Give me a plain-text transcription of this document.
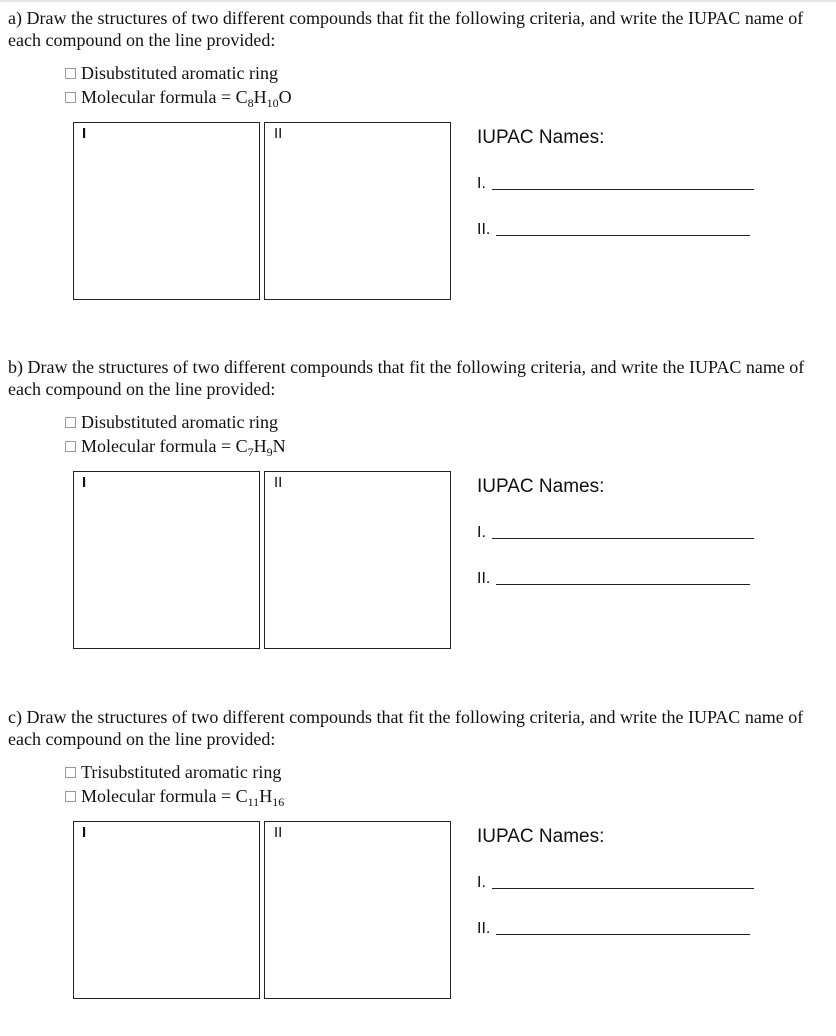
a) Draw the structures of two different compounds that fit the following criteria, and write the IUPAC name of each compound on the line provided:
Disubstituted aromatic ring
Molecular formula = $C_8H_{10}O$
I	II	IUPAC Names:
I.
II.
b) Draw the structures of two different compounds that fit the following criteria, and write the IUPAC name of each compound on the line provided:
Disubstituted aromatic ring
Molecular formula = $C_7H_9N$
I	II	IUPAC Names:
I.
II.
c) Draw the structures of two different compounds that fit the following criteria, and write the IUPAC name of each compound on the line provided:
Trisubstituted aromatic ring
Molecular formula = $C_{11}H_{16}$
I	II	IUPAC Names:
I.
II.
